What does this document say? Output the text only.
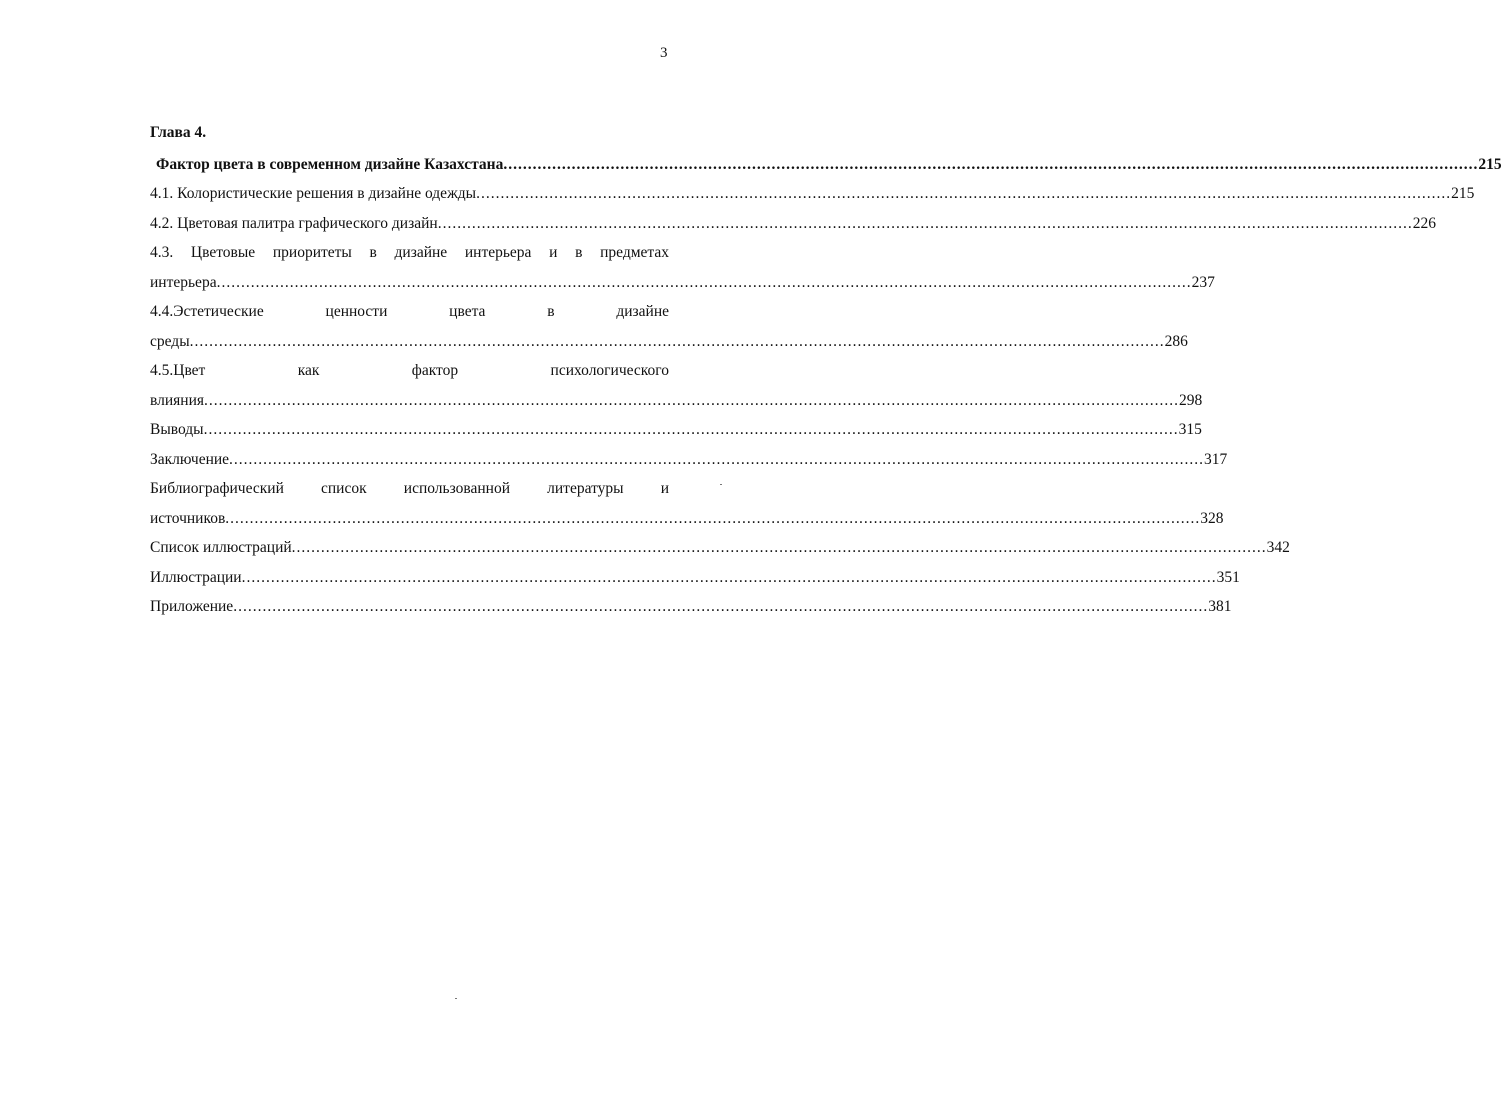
3
Глава 4.
Фактор цвета в современном дизайне Казахстана ........................................................................................................................................................................................................ 215
4.1. Колористические решения в дизайне одежды ........................................................................................................................................................................................................ 215
4.2. Цветовая палитра графического дизайн ........................................................................................................................................................................................................ 226
4.3. Цветовые приоритеты в дизайне интерьера и в предметах
интерьера ........................................................................................................................................................................................................ 237
4.4.Эстетические ценности цвета в дизайне
среды ........................................................................................................................................................................................................ 286
4.5.Цвет как фактор психологического
влияния ........................................................................................................................................................................................................ 298
Выводы ........................................................................................................................................................................................................ 315
Заключение ........................................................................................................................................................................................................ 317
Библиографический список использованной литературы и
источников ........................................................................................................................................................................................................ 328
Список иллюстраций ........................................................................................................................................................................................................ 342
Иллюстрации ........................................................................................................................................................................................................ 351
Приложение ........................................................................................................................................................................................................ 381
